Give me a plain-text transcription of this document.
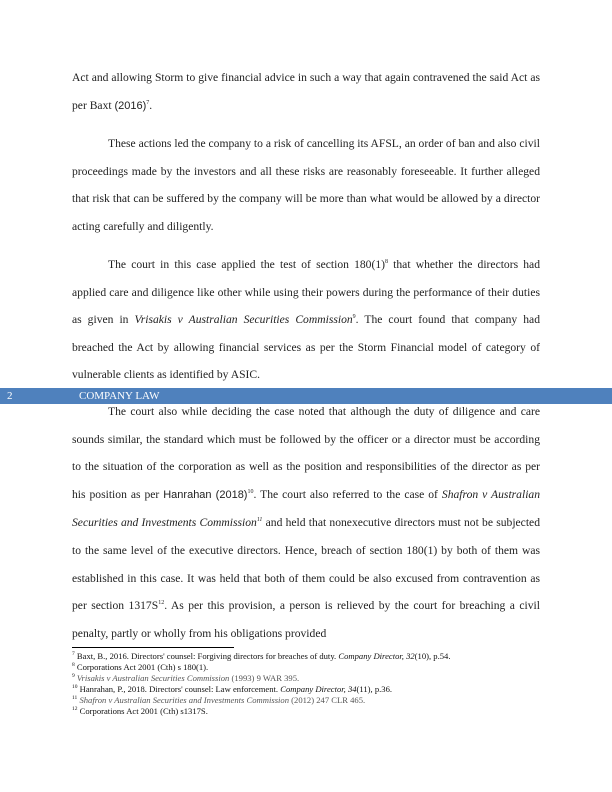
Act and allowing Storm to give financial advice in such a way that again contravened the said Act as per Baxt $(2016)^7$.

These actions led the company to a risk of cancelling its AFSL, an order of ban and also civil proceedings made by the investors and all these risks are reasonably foreseeable. It further alleged that risk that can be suffered by the company will be more than what would be allowed by a director acting carefully and diligently.

The court in this case applied the test of section $180(1)^8$ that whether the directors had applied care and diligence like other while using their powers during the performance of their duties as given in Vrisakis v Australian Securities Commission$^9$. The court found that company had breached the Act by allowing financial services as per the Storm Financial model of category of vulnerable clients as identified by ASIC.

2	COMPANY LAW

The court also while deciding the case noted that although the duty of diligence and care sounds similar, the standard which must be followed by the officer or a director must be according to the situation of the corporation as well as the position and responsibilities of the director as per his position as per Hanrahan $(2018)^{10}$. The court also referred to the case of Shafron v Australian Securities and Investments Commission$^{11}$ and held that nonexecutive directors must not be subjected to the same level of the executive directors. Hence, breach of section 180(1) by both of them was established in this case. It was held that both of them could be also excused from contravention as per section $1317S^{12}$. As per this provision, a person is relieved by the court for breaching a civil penalty, partly or wholly from his obligations provided

$^7$ Baxt, B., 2016. Directors' counsel: Forgiving directors for breaches of duty. Company Director, 32(10), p.54.
$^8$ Corporations Act 2001 (Cth) s 180(1).
$^9$ Vrisakis v Australian Securities Commission (1993) 9 WAR 395.
$^{10}$ Hanrahan, P., 2018. Directors' counsel: Law enforcement. Company Director, 34(11), p.36.
$^{11}$ Shafron v Australian Securities and Investments Commission (2012) 247 CLR 465.
$^{12}$ Corporations Act 2001 (Cth) s1317S.
